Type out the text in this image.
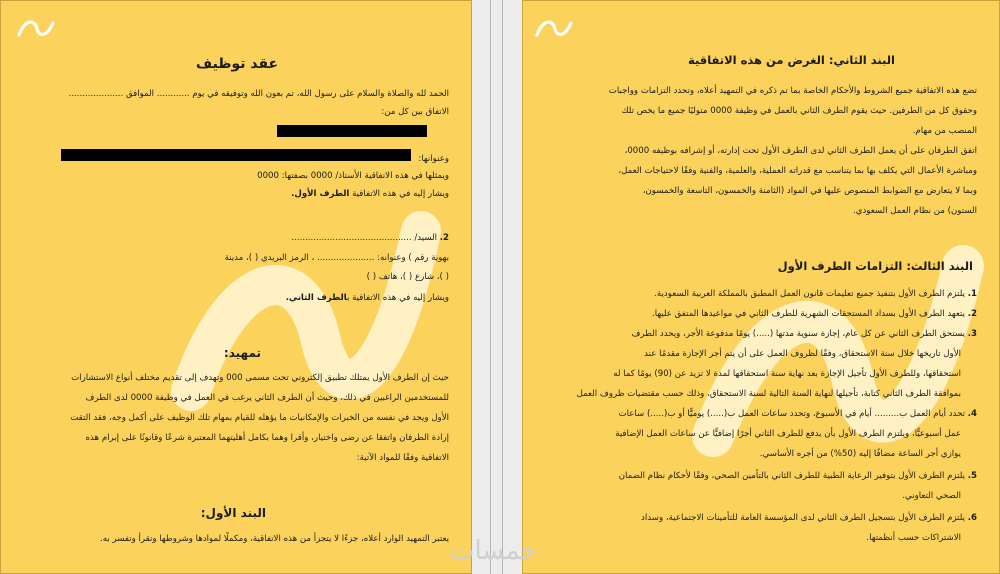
عقد توظيف
الحمد لله والصلاة والسلام على رسول الله، تم بعون الله وتوفيقه في يوم ............ الموافق ....................
الاتفاق بين كل من:
وعنوانها:
ويمثلها في هذه الاتفاقية الأستاذ/ 0000 بصفتها: 0000
ويشار إليه في هذه الاتفاقية الطرف الأول.
2. السيد/ ............................................
بهوية رقم ) وعنوانه: ..................... ، الرمز البريدي ( )، مدينة
( )، شارع ( )، هاتف ( )
ويشار إليه في هذه الاتفاقية بالطرف الثاني.
تمهيد:
حيث إن الطرف الأول يمتلك تطبيق إلكتروني تحت مسمى 000 وتهدف إلى تقديم مختلف أنواع الاستشارات
للمستخدمين الراغبين في ذلك، وحيث أن الطرف الثاني يرغب في العمل في وظيفة 0000 لدى الطرف
الأول ويجد في نفسه من الخبرات والإمكانيات ما يؤهله للقيام بمهام تلك الوظيف على أكمل وجه، فقد التقت
إرادة الطرفان واتفقا عن رضى واختيار، وأقرا وهما بكامل أهليتهما المعتبرة شرعًا وقانونًا على إبرام هذه
الاتفاقية وفقًا للمواد الآتية:
البند الأول:
يعتبر التمهيد الوارد أعلاه، جزءًا لا يتجزأ من هذه الاتفاقية، ومكملًا لموادها وشروطها وتقرأ وتفسر به.
البند الثاني: الغرض من هذه الاتفاقية
تضع هذه الاتفاقية جميع الشروط والأحكام الخاصة بما تم ذكره في التمهيد أعلاه، وتحدد التزامات وواجبات
وحقوق كل من الطرفين. حيث يقوم الطرف الثاني بالعمل في وظيفة 0000 متوليًا جميع ما يخص تلك
المنصب من مهام.
اتفق الطرفان على أن يعمل الطرف الثاني لدى الطرف الأول تحت إدارته، أو إشرافه بوظيفه 0000،
ومباشرة الأعمال التي يكلف بها بما يتناسب مع قدراته العملية، والعلمية، والفنية وفقًا لاحتياجات العمل،
وبما لا يتعارض مع الضوابط المنصوص عليها في المواد (الثامنة والخمسون، التاسعة والخمسون،
الستون) من نظام العمل السعودي.
البند الثالث: التزامات الطرف الأول
1. يلتزم الطرف الأول بتنفيذ جميع تعليمات قانون العمل المطبق بالمملكة العربية السعودية.
2. يتعهد الطرف الأول بسداد المستحقات الشهرية للطرف الثاني في مواعيدها المتفق عليها.
3. يستحق الطرف الثاني عن كل عام، إجازة سنوية مدتها (.....) يومًا مدفوعة الأجر، ويحدد الطرف
الأول تاريخها خلال سنة الاستحقاق، وفقًا لظروف العمل على أن يتم أجر الإجازة مقدمًا عند
استحقاقها، وللطرف الأول تأجيل الإجازة بعد نهاية سنة استحقاقها لمدة لا تزيد عن (90) يومًا كما له
بموافقة الطرف الثاني كتابة، تأجيلها لنهاية السنة التالية لسنة الاستحقاق، وذلك حسب مقتضيات ظروف العمل
4. تحدد أيام العمل ب......... أيام في الأسبوع، وتحدد ساعات العمل ب(.....) يوميًّا أو ب(.....) ساعات
عمل أسبوعيًّا، ويلتزم الطرف الأول بأن يدفع للطرف الثاني أجرًا إضافيًّا عن ساعات العمل الإضافية
يوازي أجر الساعة مضافًا إليه (50%) من أجره الأساسي.
5. يلتزم الطرف الأول بتوفير الرعاية الطبية للطرف الثاني بالتأمين الصحي، وفقًا لأحكام نظام الضمان
الصحي التعاوني.
6. يلتزم الطرف الأول بتسجيل الطرف الثاني لدى المؤسسة العامة للتأمينات الاجتماعية، وسداد
الاشتراكات حسب أنظمتها.
خمسات
